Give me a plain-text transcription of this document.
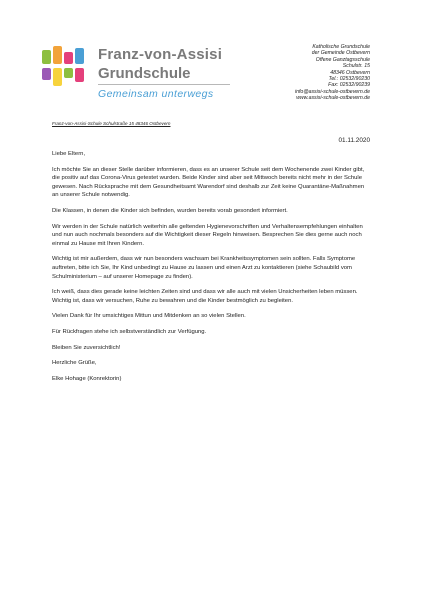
Franz-von-Assisi
Grundschule
Gemeinsam unterwegs
Katholische Grundschule
der Gemeinde Ostbevern
Offene Ganztagsschule
Schulstr. 15
48346 Ostbevern
Tel.: 02532/90230
Fax: 02532/90239
info@assisi-schule-ostbevern.de
www.assisi-schule-ostbevern.de
Franz-von-Assisi-Schule Schulstraße 15 48346 Ostbevern
01.11.2020

Liebe Eltern,

Ich möchte Sie an dieser Stelle darüber informieren, dass es an unserer Schule seit dem Wochenende zwei Kinder gibt, die positiv auf das Corona-Virus getestet wurden. Beide Kinder sind aber seit Mittwoch bereits nicht mehr in der Schule gewesen. Nach Rücksprache mit dem Gesundheitsamt Warendorf sind deshalb zur Zeit keine Quarantäne-Maßnahmen an unserer Schule notwendig.

Die Klassen, in denen die Kinder sich befinden, wurden bereits vorab gesondert informiert.

Wir werden in der Schule natürlich weiterhin alle geltenden Hygienevorschriften und Verhaltensempfehlungen einhalten und nun auch nochmals besonders auf die Wichtigkeit dieser Regeln hinweisen. Besprechen Sie dies gerne auch noch einmal zu Hause mit Ihren Kindern.

Wichtig ist mir außerdem, dass wir nun besonders wachsam bei Krankheitssymptomen sein sollten. Falls Symptome auftreten, bitte ich Sie, Ihr Kind unbedingt zu Hause zu lassen und einen Arzt zu kontaktieren (siehe Schaubild vom Schulministerium – auf unserer Homepage zu finden).

Ich weiß, dass dies gerade keine leichten Zeiten sind und dass wir alle auch mit vielen Unsicherheiten leben müssen. Wichtig ist, dass wir versuchen, Ruhe zu bewahren und die Kinder bestmöglich zu begleiten.

Vielen Dank für Ihr umsichtiges Mittun und Mitdenken an so vielen Stellen.

Für Rückfragen stehe ich selbstverständlich zur Verfügung.

Bleiben Sie zuversichtlich!

Herzliche Grüße,

Elke Hohage (Konrektorin)
